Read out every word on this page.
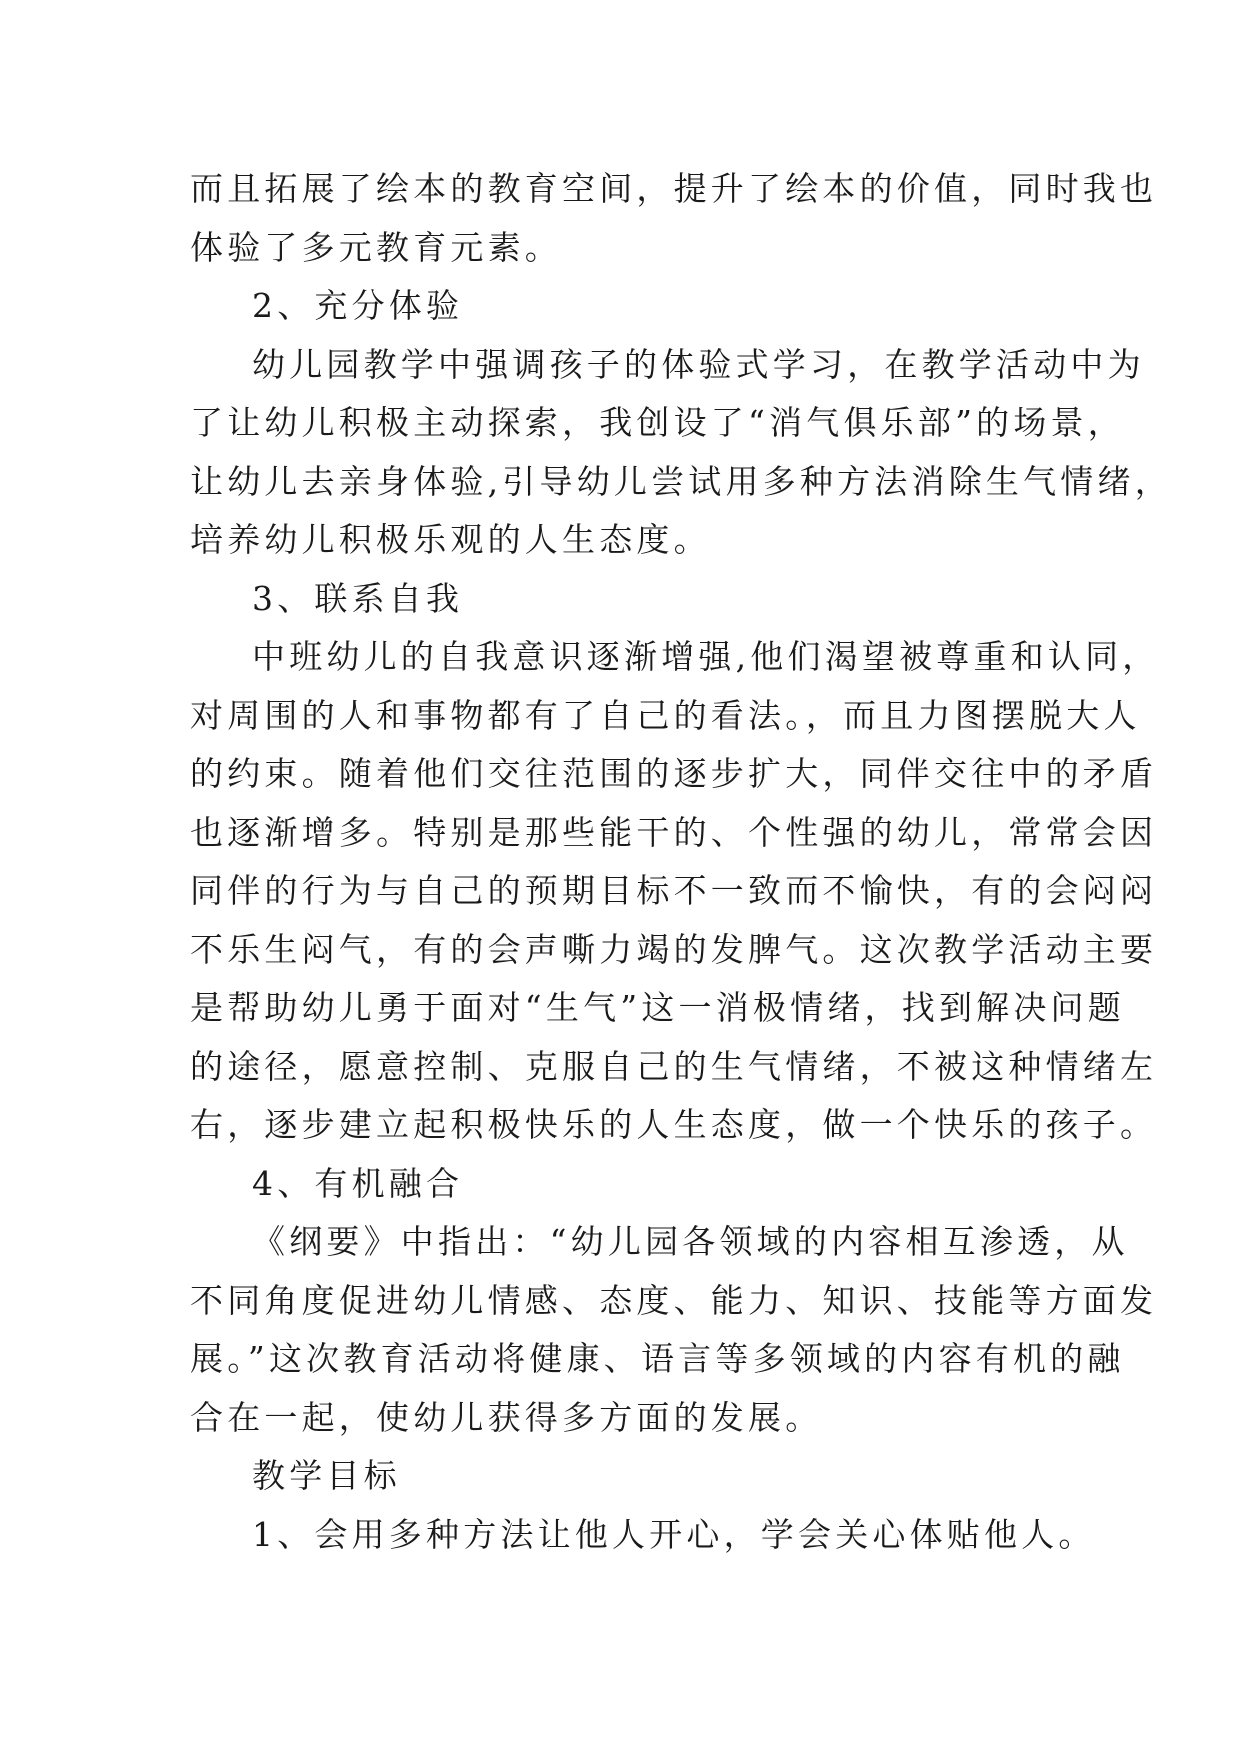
而且拓展了绘本的教育空间，提升了绘本的价值，同时我也
体验了多元教育元素。
2、充分体验
幼儿园教学中强调孩子的体验式学习，在教学活动中为
了让幼儿积极主动探索，我创设了“消气俱乐部”的场景，
让幼儿去亲身体验,引导幼儿尝试用多种方法消除生气情绪，
培养幼儿积极乐观的人生态度。
3、联系自我
中班幼儿的自我意识逐渐增强,他们渴望被尊重和认同，
对周围的人和事物都有了自己的看法。，而且力图摆脱大人
的约束。随着他们交往范围的逐步扩大，同伴交往中的矛盾
也逐渐增多。特别是那些能干的、个性强的幼儿，常常会因
同伴的行为与自己的预期目标不一致而不愉快，有的会闷闷
不乐生闷气，有的会声嘶力竭的发脾气。这次教学活动主要
是帮助幼儿勇于面对“生气”这一消极情绪，找到解决问题
的途径，愿意控制、克服自己的生气情绪，不被这种情绪左
右，逐步建立起积极快乐的人生态度，做一个快乐的孩子。
4、有机融合
《纲要》中指出：“幼儿园各领域的内容相互渗透，从
不同角度促进幼儿情感、态度、能力、知识、技能等方面发
展。”这次教育活动将健康、语言等多领域的内容有机的融
合在一起，使幼儿获得多方面的发展。
教学目标
1、会用多种方法让他人开心，学会关心体贴他人。
